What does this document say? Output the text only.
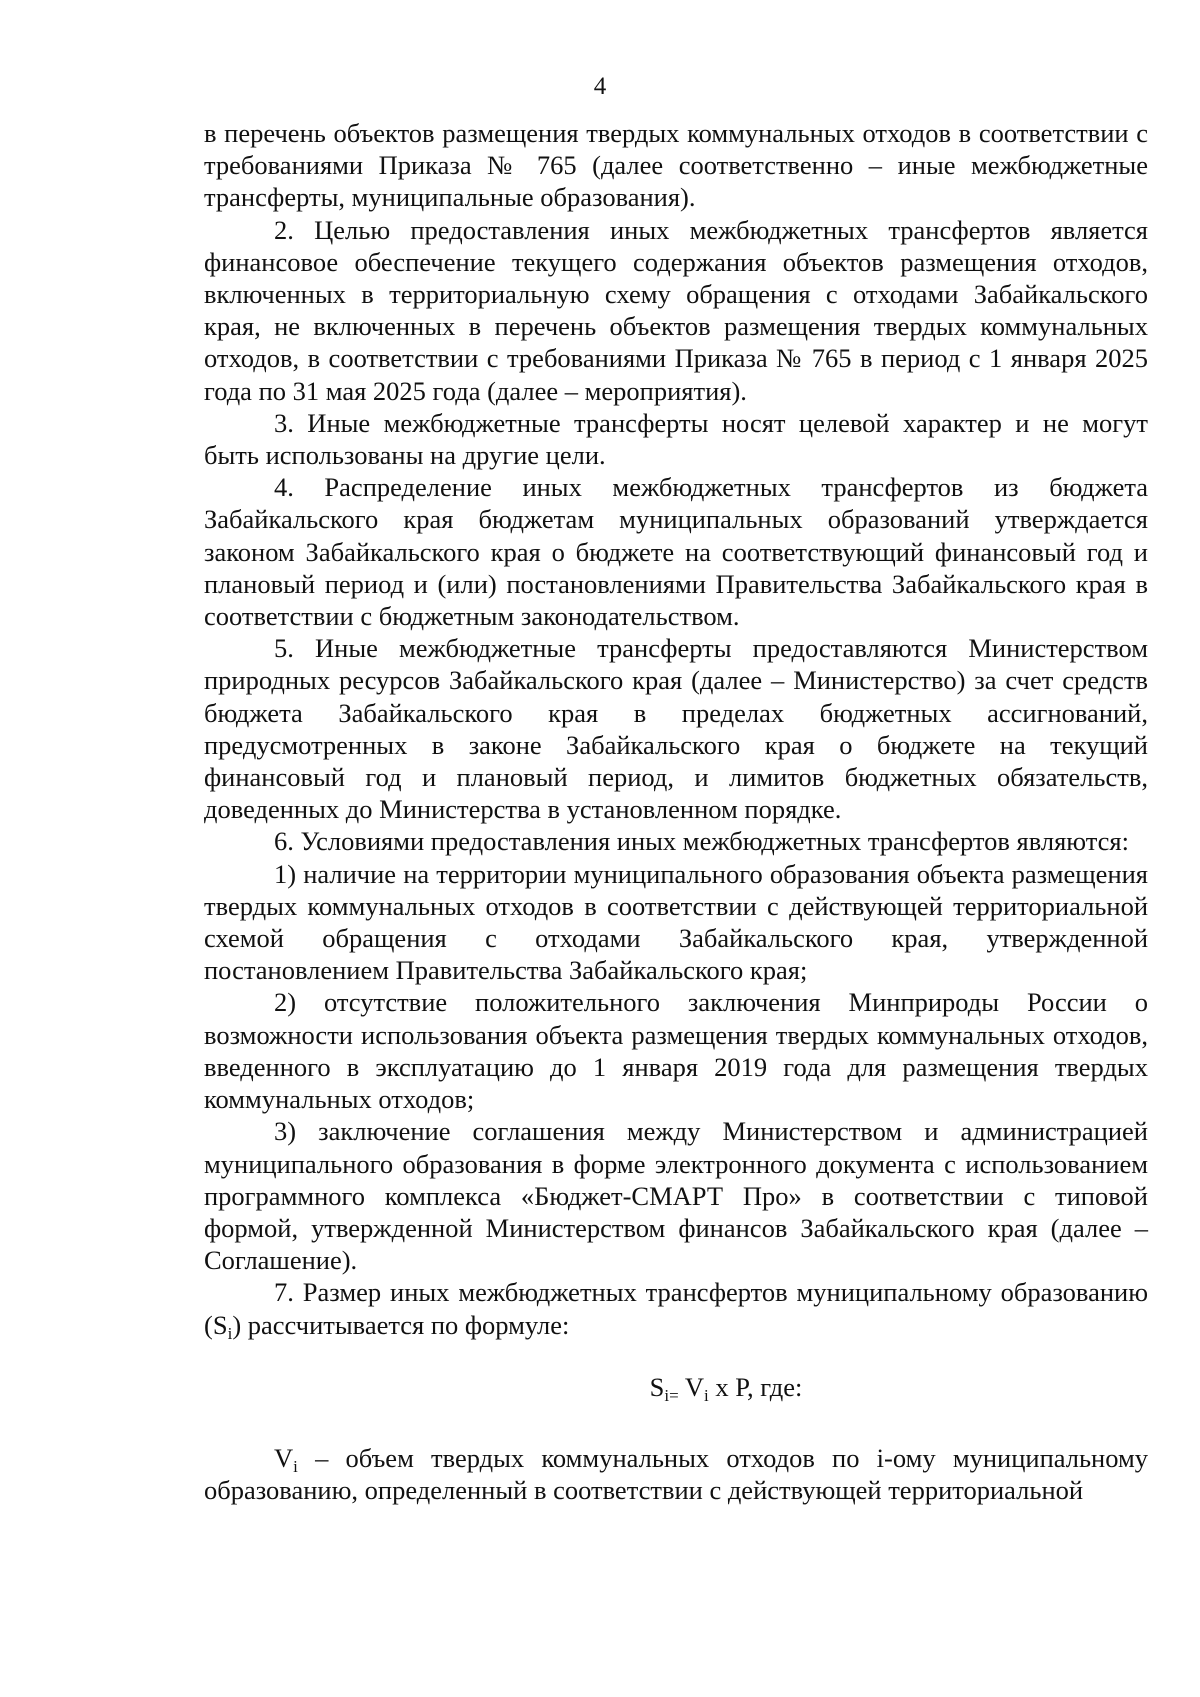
4

в перечень объектов размещения твердых коммунальных отходов в соответствии с требованиями Приказа № 765 (далее соответственно – иные межбюджетные трансферты, муниципальные образования).

2. Целью предоставления иных межбюджетных трансфертов является финансовое обеспечение текущего содержания объектов размещения отходов, включенных в территориальную схему обращения с отходами Забайкальского края, не включенных в перечень объектов размещения твердых коммунальных отходов, в соответствии с требованиями Приказа № 765 в период с 1 января 2025 года по 31 мая 2025 года (далее – мероприятия).

3. Иные межбюджетные трансферты носят целевой характер и не могут быть использованы на другие цели.

4. Распределение иных межбюджетных трансфертов из бюджета Забайкальского края бюджетам муниципальных образований утверждается законом Забайкальского края о бюджете на соответствующий финансовый год и плановый период и (или) постановлениями Правительства Забайкальского края в соответствии с бюджетным законодательством.

5. Иные межбюджетные трансферты предоставляются Министерством природных ресурсов Забайкальского края (далее – Министерство) за счет средств бюджета Забайкальского края в пределах бюджетных ассигнований, предусмотренных в законе Забайкальского края о бюджете на текущий финансовый год и плановый период, и лимитов бюджетных обязательств, доведенных до Министерства в установленном порядке.

6. Условиями предоставления иных межбюджетных трансфертов являются:

1) наличие на территории муниципального образования объекта размещения твердых коммунальных отходов в соответствии с действующей территориальной схемой обращения с отходами Забайкальского края, утвержденной постановлением Правительства Забайкальского края;

2) отсутствие положительного заключения Минприроды России о возможности использования объекта размещения твердых коммунальных отходов, введенного в эксплуатацию до 1 января 2019 года для размещения твердых коммунальных отходов;

3) заключение соглашения между Министерством и администрацией муниципального образования в форме электронного документа с использованием программного комплекса «Бюджет-СМАРТ Про» в соответствии с типовой формой, утвержденной Министерством финансов Забайкальского края (далее – Соглашение).

7. Размер иных межбюджетных трансфертов муниципальному образованию (Si) рассчитывается по формуле:

$S_i= V_i$ x P, где:

Vi – объем твердых коммунальных отходов по i-ому муниципальному образованию, определенный в соответствии с действующей территориальной
